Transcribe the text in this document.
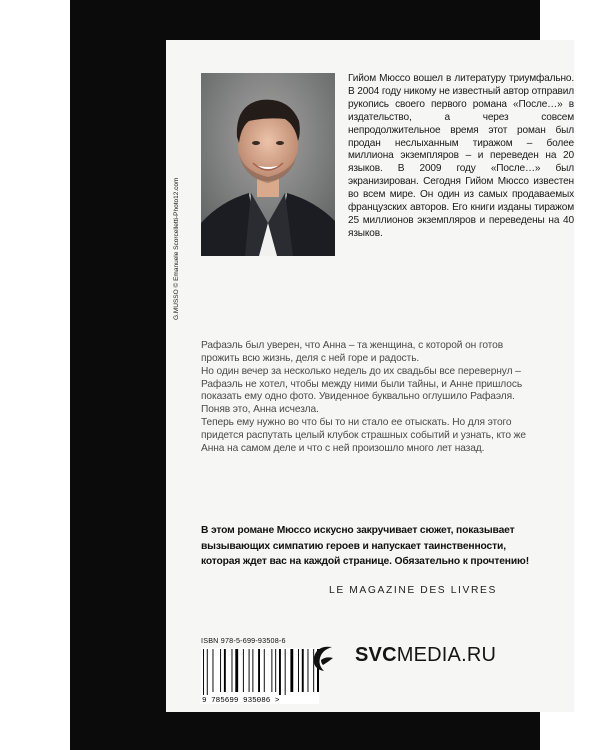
G.MUSSO © Emanuele Scorcelletti-Photo12.com
Гийом Мюссо вошел в литературу триумфально. В 2004 году никому не известный автор отправил рукопись своего первого романа «После…» в издательство, а через совсем непродолжительное время этот роман был продан неслыханным тиражом – более миллиона экземпляров – и переведен на 20 языков. В 2009 году «После…» был экранизирован. Сегодня Гийом Мюссо известен во всем мире. Он один из самых продаваемых французских авторов. Его книги изданы тиражом 25 миллионов экземпляров и переведены на 40 языков.

Рафаэль был уверен, что Анна – та женщина, с которой он готов прожить всю жизнь, деля с ней горе и радость.

Но один вечер за несколько недель до их свадьбы все перевернул – Рафаэль не хотел, чтобы между ними были тайны, и Анне пришлось показать ему одно фото. Увиденное буквально оглушило Рафаэля. Поняв это, Анна исчезла.

Теперь ему нужно во что бы то ни стало ее отыскать. Но для этого придется распутать целый клубок страшных событий и узнать, кто же Анна на самом деле и что с ней произошло много лет назад.

В этом романе Мюссо искусно закручивает сюжет, показывает вызывающих симпатию героев и напускает таинственности, которая ждет вас на каждой странице. Обязательно к прочтению!
LE MAGAZINE DES LIVRES
ISBN 978-5-699-93508-6
9 785699 935086 >
SVCMEDIA.RU
